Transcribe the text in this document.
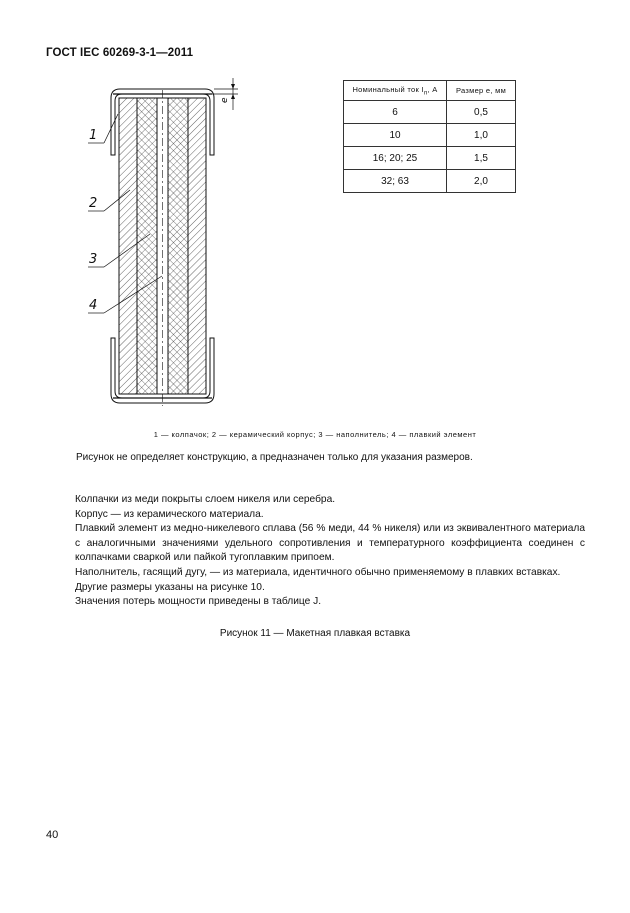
ГОСТ IEC 60269-3-1—2011
e
1
2
3
4
Номинальный ток $I_n$, А	Размер e, мм
6	0,5
10	1,0
16; 20; 25	1,5
32; 63	2,0
1 — колпачок; 2 — керамический корпус; 3 — наполнитель; 4 — плавкий элемент
Рисунок не определяет конструкцию, а предназначен только для указания размеров.

Колпачки из меди покрыты слоем никеля или серебра.

Корпус — из керамического материала.

Плавкий элемент из медно-никелевого сплава (56 % меди, 44 % никеля) или из эквивалентного материала с аналогичными значениями удельного сопротивления и температурного коэффициента соединен с колпачками сваркой или пайкой тугоплавким припоем.

Наполнитель, гасящий дугу, — из материала, идентичного обычно применяемому в плавких вставках.

Другие размеры указаны на рисунке 10.

Значения потерь мощности приведены в таблице J.

Рисунок 11 — Макетная плавкая вставка
40
